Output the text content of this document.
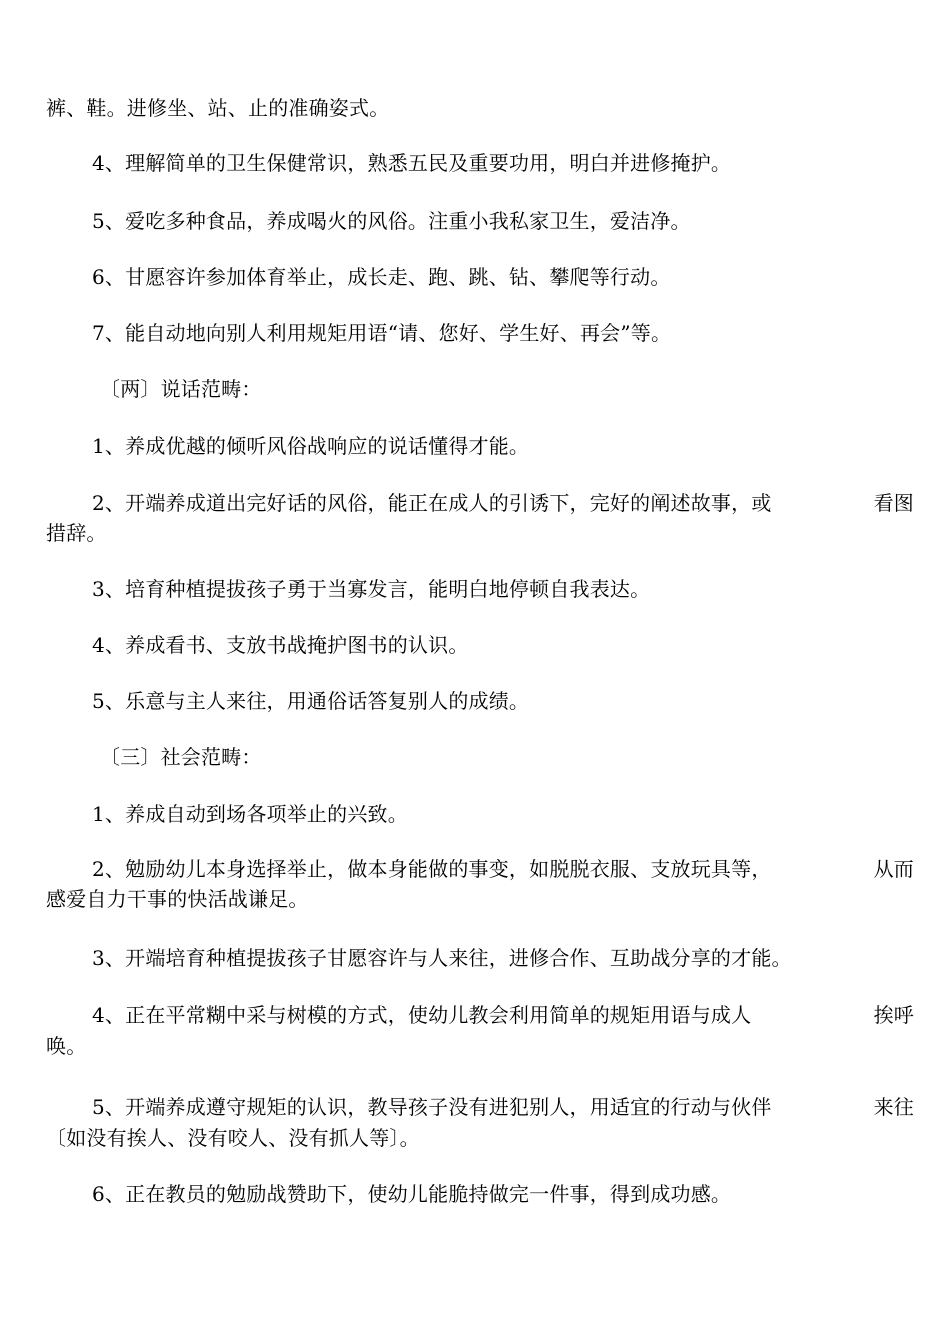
裤、鞋。进修坐、站、止的准确姿式。
4、理解简单的卫生保健常识，熟悉五民及重要功用，明白并进修掩护。
5、爱吃多种食品，养成喝火的风俗。注重小我私家卫生，爱洁净。
6、甘愿容许参加体育举止，成长走、跑、跳、钻、攀爬等行动。
7、能自动地向别人利用规矩用语“请、您好、学生好、再会”等。
〔两〕说话范畴：
1、养成优越的倾听风俗战响应的说话懂得才能。
2、开端养成道出完好话的风俗，能正在成人的引诱下，完好的阐述故事，或	看图
措辞。
3、培育种植提拔孩子勇于当寡发言，能明白地停顿自我表达。
4、养成看书、支放书战掩护图书的认识。
5、乐意与主人来往，用通俗话答复别人的成绩。
〔三〕社会范畴：
1、养成自动到场各项举止的兴致。
2、勉励幼儿本身选择举止，做本身能做的事变，如脱脱衣服、支放玩具等，	从而
感爱自力干事的快活战谦足。
3、开端培育种植提拔孩子甘愿容许与人来往，进修合作、互助战分享的才能。
4、正在平常糊中采与树模的方式，使幼儿教会利用简单的规矩用语与成人	挨呼
唤。
5、开端养成遵守规矩的认识，教导孩子没有进犯别人，用适宜的行动与伙伴	来往
〔如没有挨人、没有咬人、没有抓人等〕。
6、正在教员的勉励战赞助下，使幼儿能脆持做完一件事，得到成功感。
